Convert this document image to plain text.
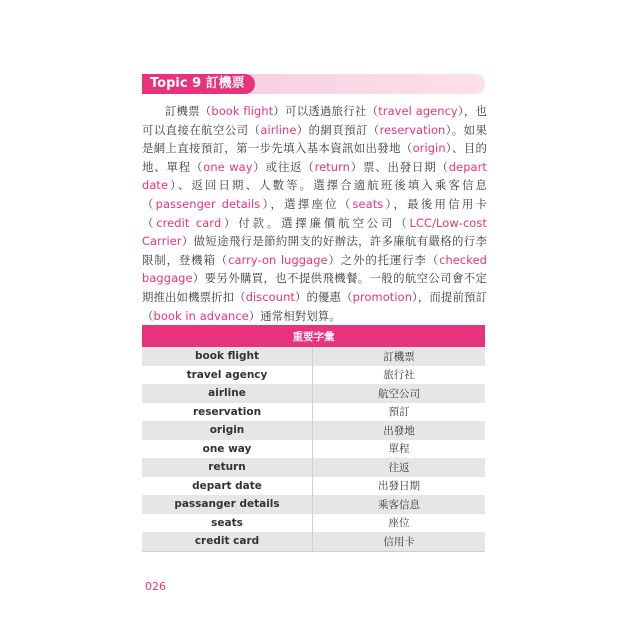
Topic 9 訂機票

訂機票（book flight）可以透過旅行社（travel agency），也可以直接在航空公司（airline）的網頁預訂（reservation）。如果是網上直接預訂，第一步先填入基本資訊如出發地（origin）、目的地、單程（one way）或往返（return）票、出發日期（depart date）、返回日期、人數等。選擇合適航班後填入乘客信息（passenger details），選擇座位（seats），最後用信用卡（credit card）付款。選擇廉價航空公司（LCC/Low-cost Carrier）做短途飛行是節約開支的好辦法，許多廉航有嚴格的行李限制，登機箱（carry-on luggage）之外的托運行李（checked baggage）要另外購買，也不提供飛機餐。一般的航空公司會不定期推出如機票折扣（discount）的優惠（promotion），而提前預訂（book in advance）通常相對划算。

重要字彙	
book flight	訂機票
travel agency	旅行社
airline	航空公司
reservation	預訂
origin	出發地
one way	單程
return	往返
depart date	出發日期
passanger details	乘客信息
seats	座位
credit card	信用卡
026
